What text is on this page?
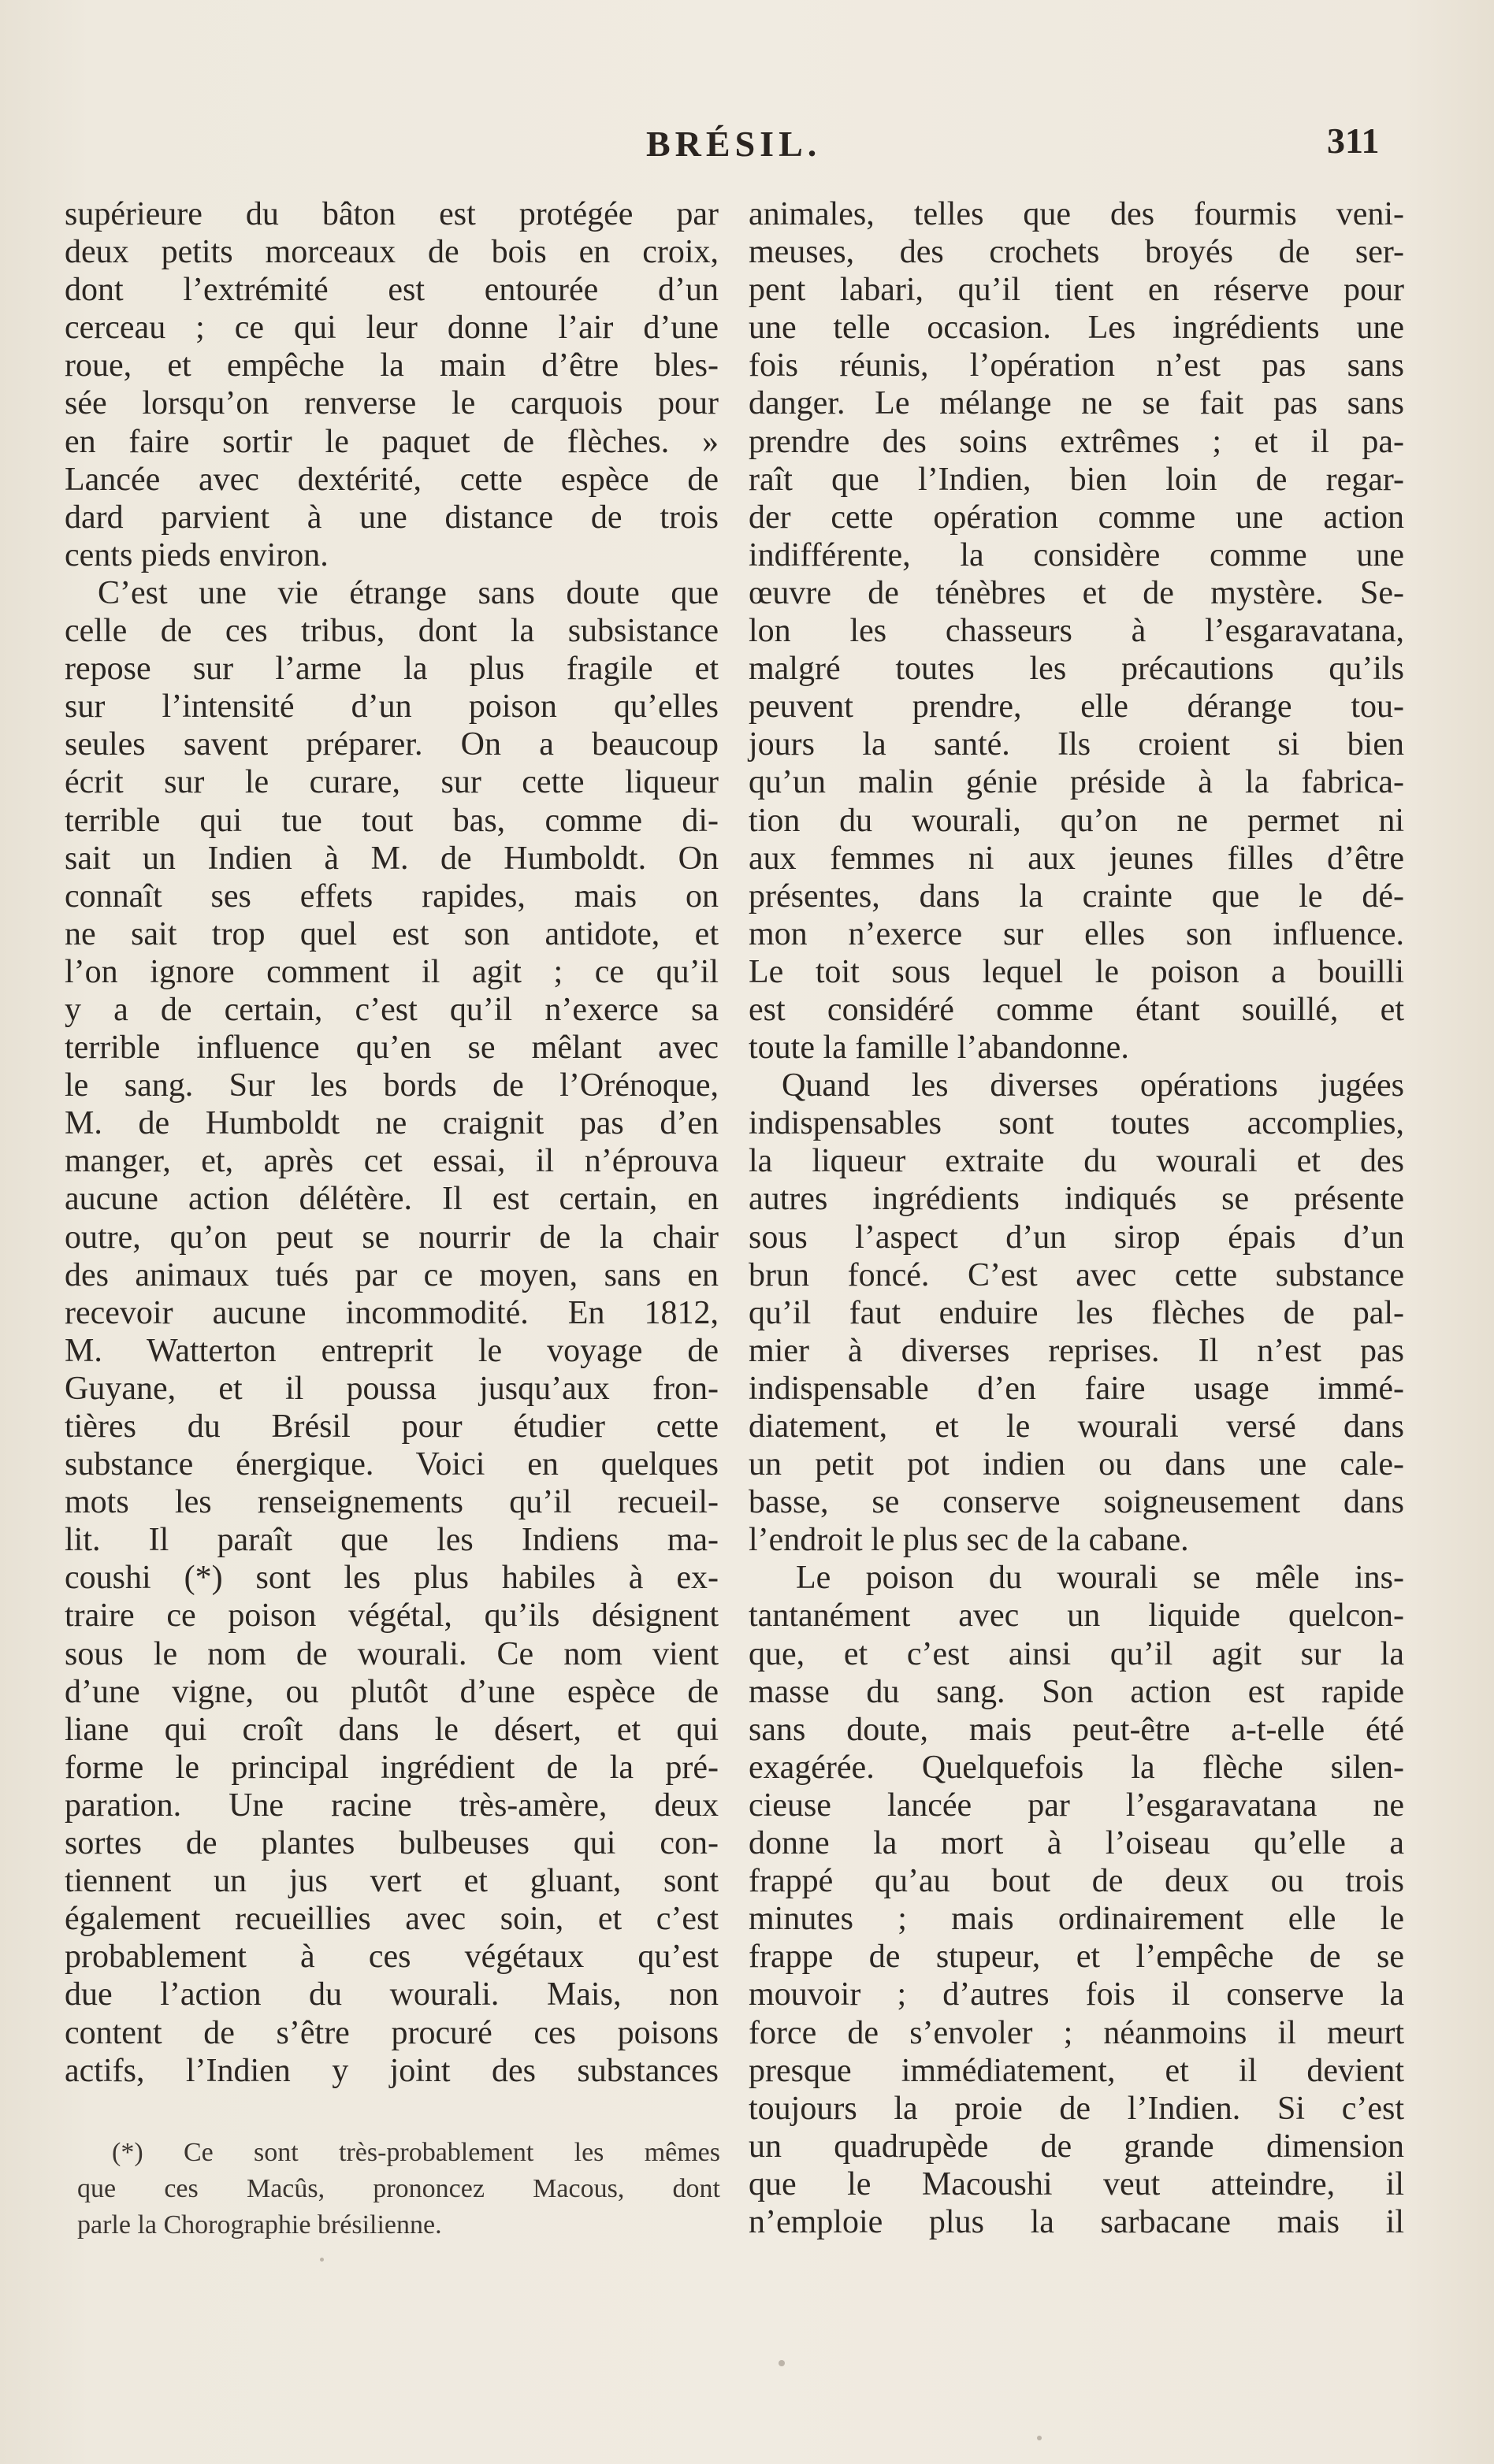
BRÉSIL.	311

supérieure du bâton est protégée par
deux petits morceaux de bois en croix,
dont l’extrémité est entourée d’un
cerceau ; ce qui leur donne l’air d’une
roue, et empêche la main d’être bles-
sée lorsqu’on renverse le carquois pour
en faire sortir le paquet de flèches. »
Lancée avec dextérité, cette espèce de
dard parvient à une distance de trois
cents pieds environ.

C’est une vie étrange sans doute que
celle de ces tribus, dont la subsistance
repose sur l’arme la plus fragile et
sur l’intensité d’un poison qu’elles
seules savent préparer. On a beaucoup
écrit sur le curare, sur cette liqueur
terrible qui tue tout bas, comme di-
sait un Indien à M. de Humboldt. On
connaît ses effets rapides, mais on
ne sait trop quel est son antidote, et
l’on ignore comment il agit ; ce qu’il
y a de certain, c’est qu’il n’exerce sa
terrible influence qu’en se mêlant avec
le sang. Sur les bords de l’Orénoque,
M. de Humboldt ne craignit pas d’en
manger, et, après cet essai, il n’éprouva
aucune action délétère. Il est certain, en
outre, qu’on peut se nourrir de la chair
des animaux tués par ce moyen, sans en
recevoir aucune incommodité. En 1812,
M. Watterton entreprit le voyage de
Guyane, et il poussa jusqu’aux fron-
tières du Brésil pour étudier cette
substance énergique. Voici en quelques
mots les renseignements qu’il recueil-
lit. Il paraît que les Indiens ma-
coushi (*) sont les plus habiles à ex-
traire ce poison végétal, qu’ils désignent
sous le nom de wourali. Ce nom vient
d’une vigne, ou plutôt d’une espèce de
liane qui croît dans le désert, et qui
forme le principal ingrédient de la pré-
paration. Une racine très-amère, deux
sortes de plantes bulbeuses qui con-
tiennent un jus vert et gluant, sont
également recueillies avec soin, et c’est
probablement à ces végétaux qu’est
due l’action du wourali. Mais, non
content de s’être procuré ces poisons
actifs, l’Indien y joint des substances

(*) Ce sont très-probablement les mêmes
que ces Macûs, prononcez Macous, dont
parle la Chorographie brésilienne.

animales, telles que des fourmis veni-
meuses, des crochets broyés de ser-
pent labari, qu’il tient en réserve pour
une telle occasion. Les ingrédients une
fois réunis, l’opération n’est pas sans
danger. Le mélange ne se fait pas sans
prendre des soins extrêmes ; et il pa-
raît que l’Indien, bien loin de regar-
der cette opération comme une action
indifférente, la considère comme une
œuvre de ténèbres et de mystère. Se-
lon les chasseurs à l’esgaravatana,
malgré toutes les précautions qu’ils
peuvent prendre, elle dérange tou-
jours la santé. Ils croient si bien
qu’un malin génie préside à la fabrica-
tion du wourali, qu’on ne permet ni
aux femmes ni aux jeunes filles d’être
présentes, dans la crainte que le dé-
mon n’exerce sur elles son influence.
Le toit sous lequel le poison a bouilli
est considéré comme étant souillé, et
toute la famille l’abandonne.

Quand les diverses opérations jugées
indispensables sont toutes accomplies,
la liqueur extraite du wourali et des
autres ingrédients indiqués se présente
sous l’aspect d’un sirop épais d’un
brun foncé. C’est avec cette substance
qu’il faut enduire les flèches de pal-
mier à diverses reprises. Il n’est pas
indispensable d’en faire usage immé-
diatement, et le wourali versé dans
un petit pot indien ou dans une cale-
basse, se conserve soigneusement dans
l’endroit le plus sec de la cabane.

Le poison du wourali se mêle ins-
tantanément avec un liquide quelcon-
que, et c’est ainsi qu’il agit sur la
masse du sang. Son action est rapide
sans doute, mais peut-être a-t-elle été
exagérée. Quelquefois la flèche silen-
cieuse lancée par l’esgaravatana ne
donne la mort à l’oiseau qu’elle a
frappé qu’au bout de deux ou trois
minutes ; mais ordinairement elle le
frappe de stupeur, et l’empêche de se
mouvoir ; d’autres fois il conserve la
force de s’envoler ; néanmoins il meurt
presque immédiatement, et il devient
toujours la proie de l’Indien. Si c’est
un quadrupède de grande dimension
que le Macoushi veut atteindre, il
n’emploie plus la sarbacane mais il
